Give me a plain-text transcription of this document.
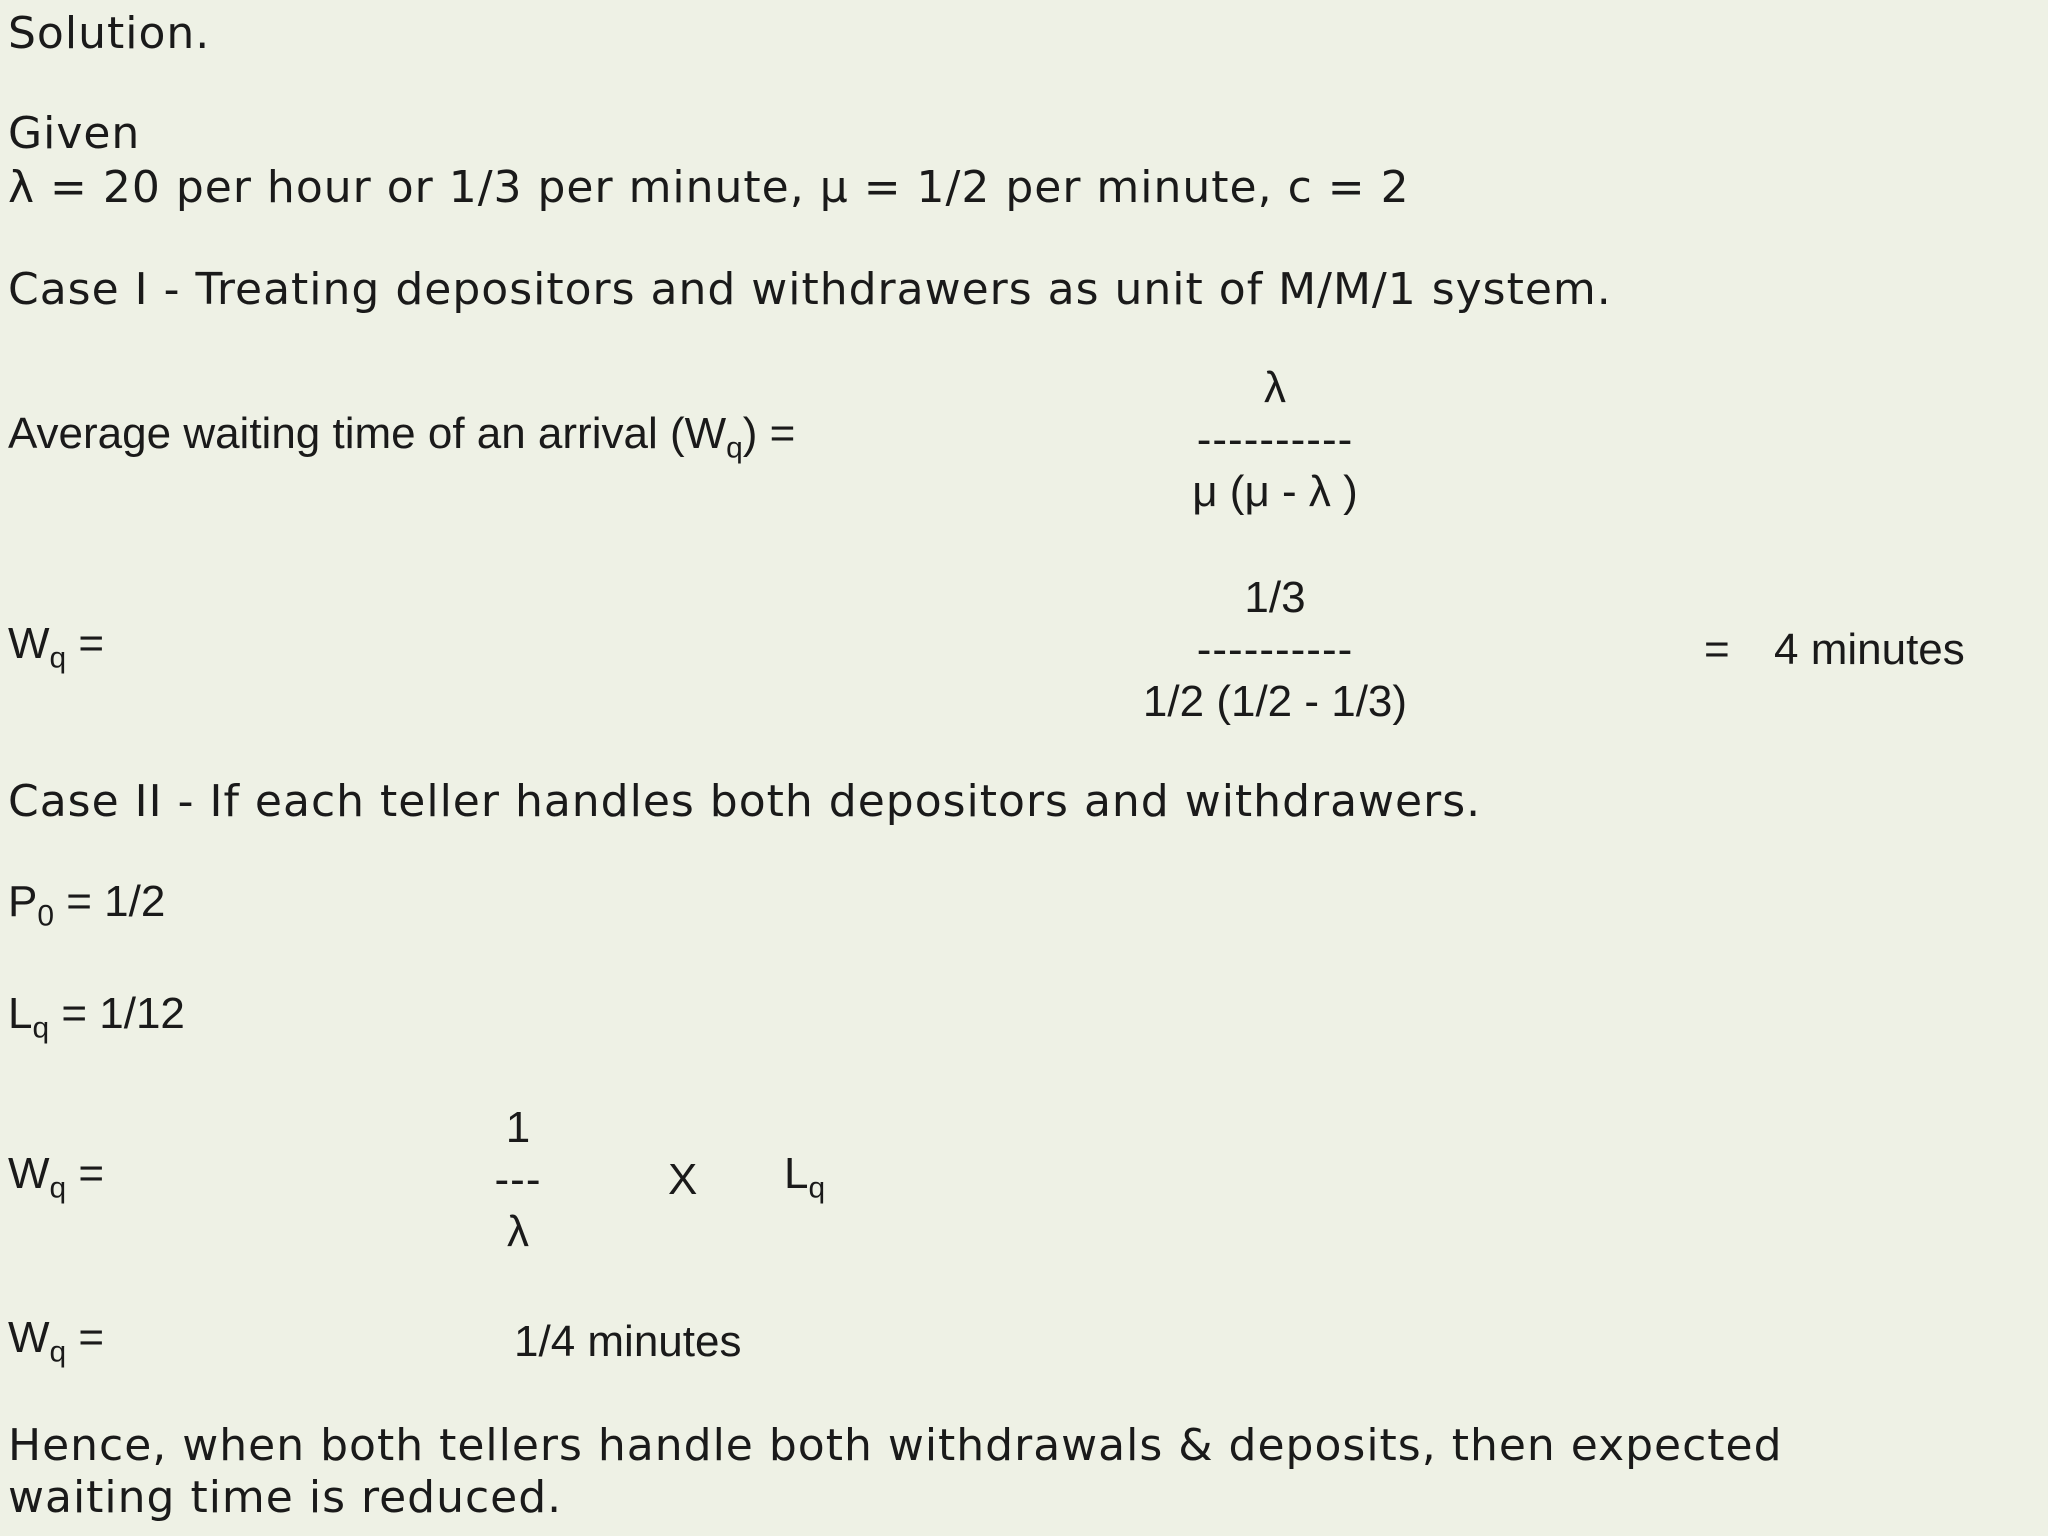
Solution.
Given
λ = 20 per hour or 1/3 per minute, μ = 1/2 per minute, c = 2
Case I - Treating depositors and withdrawers as unit of M/M/1 system.
Average waiting time of an arrival $(W_q)$ =
λ
----------
μ (μ - λ )
$W_q$ =
1/3
----------
1/2 (1/2 - 1/3)
= 4 minutes
Case II - If each teller handles both depositors and withdrawers.
$P_0 = 1/2$
$L_q = 1/12$
$W_q$ =
1
---
λ
X $L_q$
$W_q$ =	1/4 minutes
Hence, when both tellers handle both withdrawals & deposits, then expected
waiting time is reduced.
